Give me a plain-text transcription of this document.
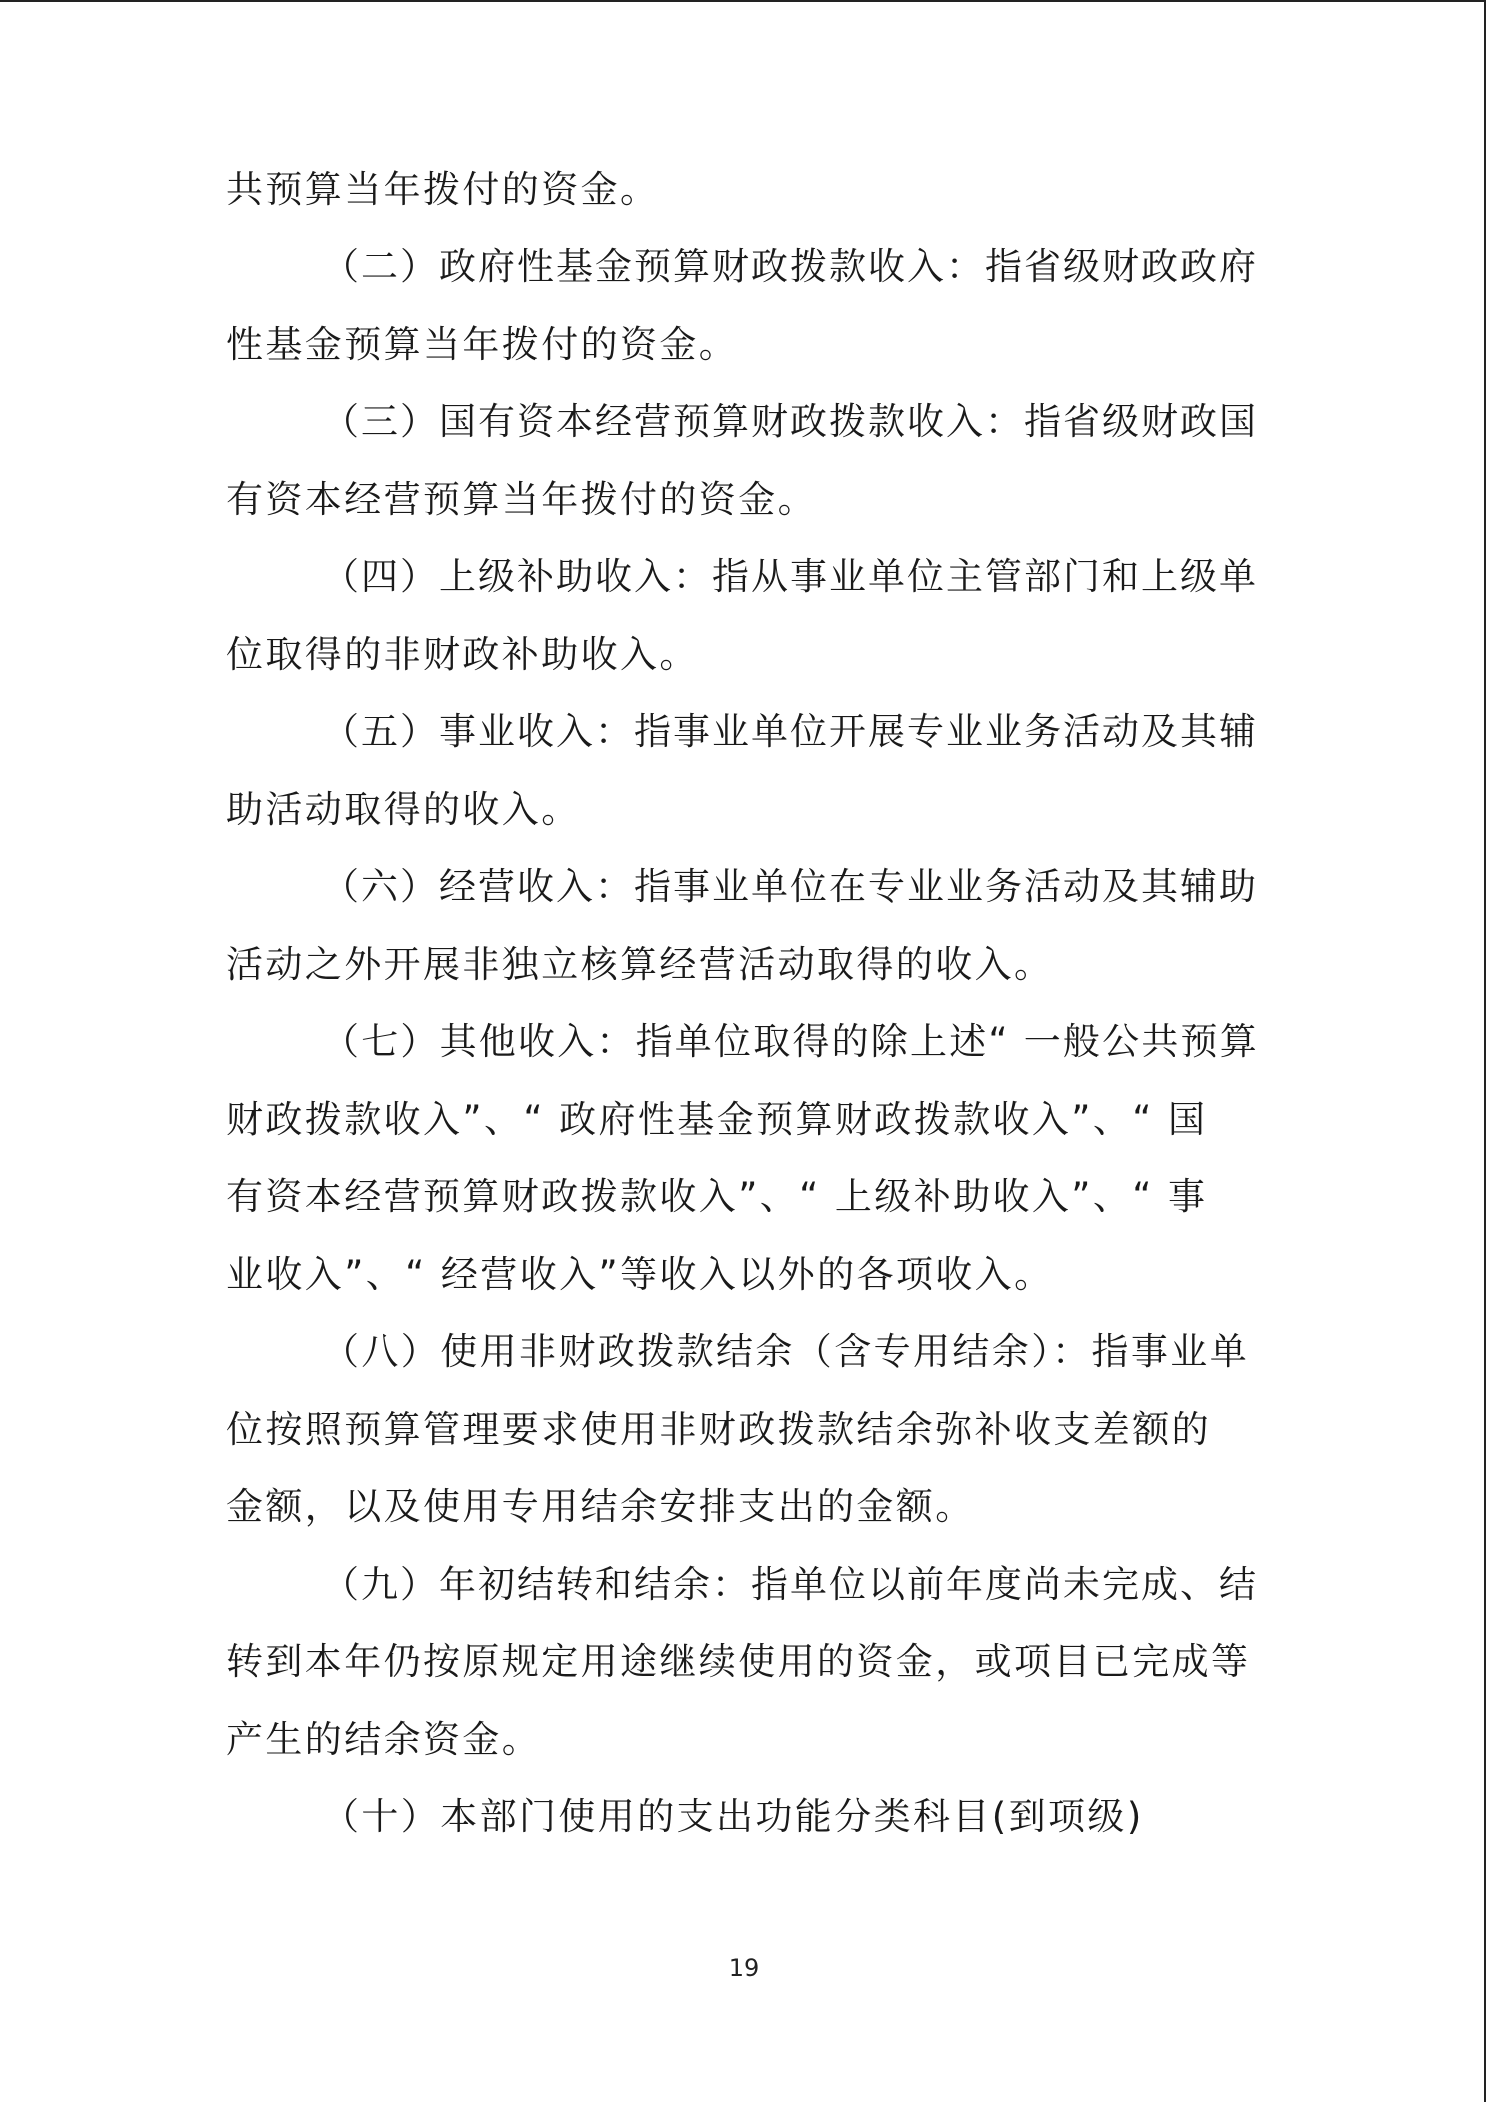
共预算当年拨付的资金。
（二）政府性基金预算财政拨款收入：指省级财政政府
性基金预算当年拨付的资金。
（三）国有资本经营预算财政拨款收入：指省级财政国
有资本经营预算当年拨付的资金。
（四）上级补助收入：指从事业单位主管部门和上级单
位取得的非财政补助收入。
（五）事业收入：指事业单位开展专业业务活动及其辅
助活动取得的收入。
（六）经营收入：指事业单位在专业业务活动及其辅助
活动之外开展非独立核算经营活动取得的收入。
（七）其他收入：指单位取得的除上述“ 一般公共预算
财政拨款收入”、“ 政府性基金预算财政拨款收入”、“ 国
有资本经营预算财政拨款收入”、“ 上级补助收入”、“ 事
业收入”、“ 经营收入”等收入以外的各项收入。
（八）使用非财政拨款结余（含专用结余）：指事业单
位按照预算管理要求使用非财政拨款结余弥补收支差额的
金额，以及使用专用结余安排支出的金额。
（九）年初结转和结余：指单位以前年度尚未完成、结
转到本年仍按原规定用途继续使用的资金，或项目已完成等
产生的结余资金。
（十）本部门使用的支出功能分类科目(到项级)
19
